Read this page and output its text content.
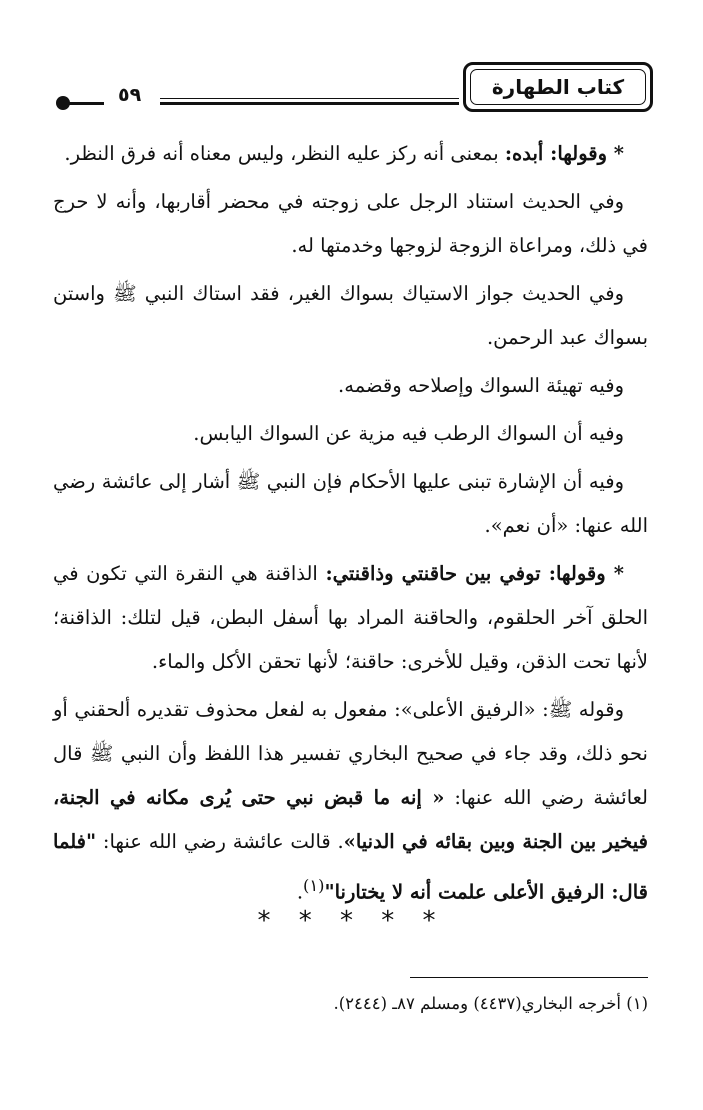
كتاب الطهارة
٥٩

* وقولها: أبده: بمعنى أنه ركز عليه النظر، وليس معناه أنه فرق النظر.

وفي الحديث استناد الرجل على زوجته في محضر أقاربها، وأنه لا حرج في ذلك، ومراعاة الزوجة لزوجها وخدمتها له.

وفي الحديث جواز الاستياك بسواك الغير، فقد استاك النبي ﷺ واستن بسواك عبد الرحمن.

وفيه تهيئة السواك وإصلاحه وقضمه.

وفيه أن السواك الرطب فيه مزية عن السواك اليابس.

وفيه أن الإشارة تبنى عليها الأحكام فإن النبي ﷺ أشار إلى عائشة رضي الله عنها: «أن نعم».

* وقولها: توفي بين حاقنتي وذاقنتي: الذاقنة هي النقرة التي تكون في الحلق آخر الحلقوم، والحاقنة المراد بها أسفل البطن، قيل لتلك: الذاقنة؛ لأنها تحت الذقن، وقيل للأخرى: حاقنة؛ لأنها تحقن الأكل والماء.

وقوله ﷺ: «الرفيق الأعلى»: مفعول به لفعل محذوف تقديره ألحقني أو نحو ذلك، وقد جاء في صحيح البخاري تفسير هذا اللفظ وأن النبي ﷺ قال لعائشة رضي الله عنها: « إنه ما قبض نبي حتى يُرى مكانه في الجنة، فيخير بين الجنة وبين بقائه في الدنيا». قالت عائشة رضي الله عنها: "فلما قال: الرفيق الأعلى علمت أنه لا يختارنا"$^{(١)}$.

* * * * *
(١) أخرجه البخاري(٤٤٣٧) ومسلم ٨٧ـ (٢٤٤٤).
